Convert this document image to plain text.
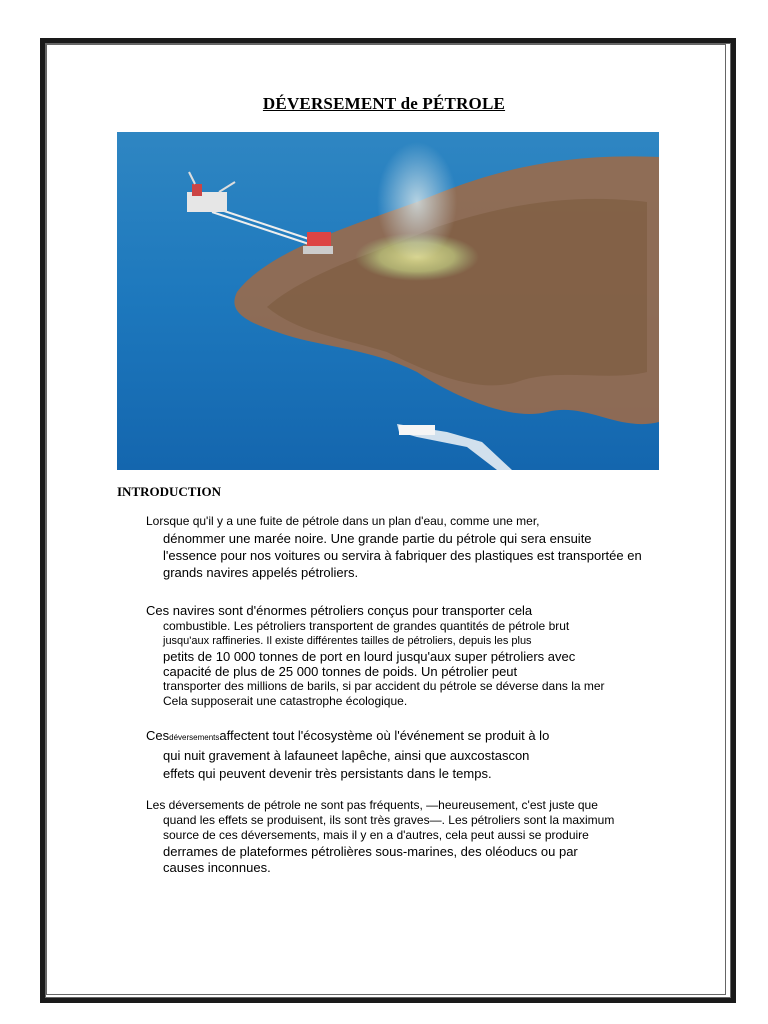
DÉVERSEMENT de PÉTROLE
INTRODUCTION
Lorsque qu'il y a une fuite de pétrole dans un plan d'eau, comme une mer,
dénommer une marée noire. Une grande partie du pétrole qui sera ensuite
l'essence pour nos voitures ou servira à fabriquer des plastiques est transportée en
grands navires appelés pétroliers.
Ces navires sont d'énormes pétroliers conçus pour transporter cela
combustible. Les pétroliers transportent de grandes quantités de pétrole brut
jusqu'aux raffineries. Il existe différentes tailles de pétroliers, depuis les plus
petits de 10 000 tonnes de port en lourd jusqu'aux super pétroliers avec
capacité de plus de 25 000 tonnes de poids. Un pétrolier peut
transporter des millions de barils, si par accident du pétrole se déverse dans la mer
Cela supposerait une catastrophe écologique.
Cesdéversementsaffectent tout l'écosystème où l'événement se produit à lo
qui nuit gravement à lafauneet lapêche, ainsi que auxcostascon
effets qui peuvent devenir très persistants dans le temps.
Les déversements de pétrole ne sont pas fréquents, —heureusement, c'est juste que
quand les effets se produisent, ils sont très graves—. Les pétroliers sont la maximum
source de ces déversements, mais il y en a d'autres, cela peut aussi se produire
derrames de plateformes pétrolières sous-marines, des oléoducs ou par
causes inconnues.
